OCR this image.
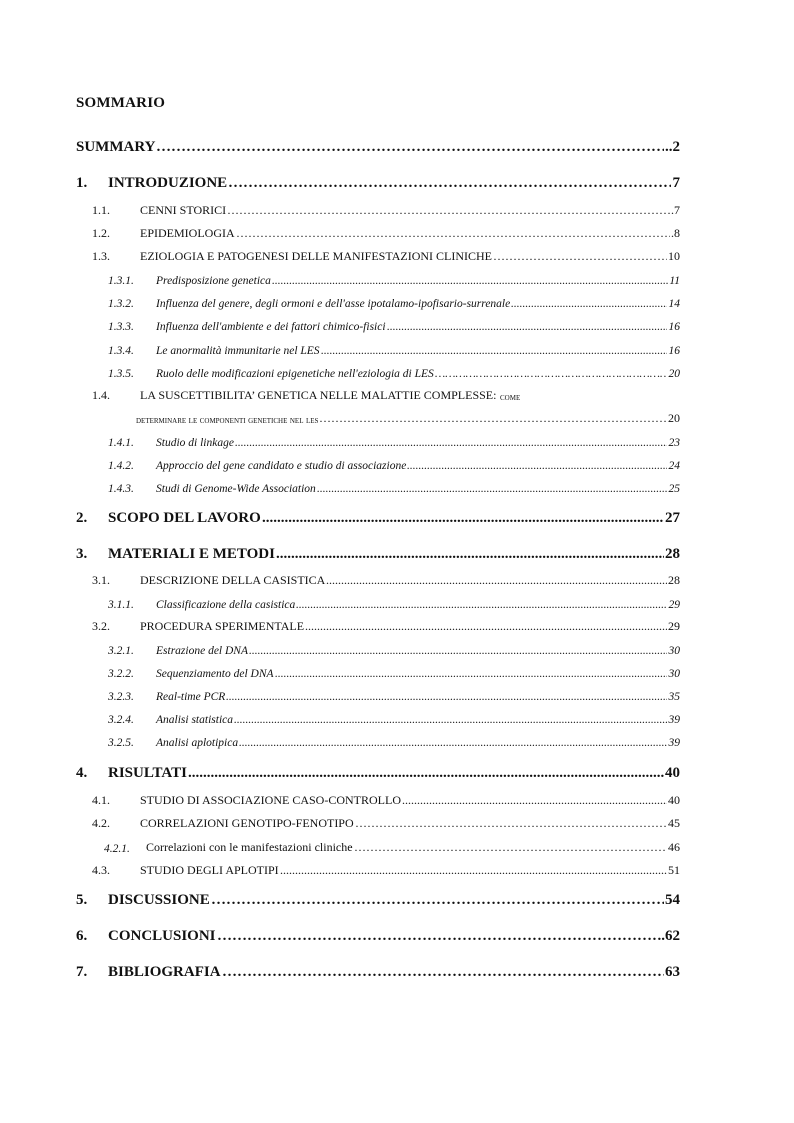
SOMMARIO
SUMMARY	..2
…………………………………………………………………………………………………………………………………………………………………………………………………………
1. INTRODUZIONE	7
…………………………………………………………………………………………………………………………………………………………………………………………………………
1.1.	CENNI STORICI	.7
…………………………………………………………………………………………………………………………………………………………………………………………………………
1.2.	EPIDEMIOLOGIA	.8
…………………………………………………………………………………………………………………………………………………………………………………………………………
1.3.	EZIOLOGIA E PATOGENESI DELLE MANIFESTAZIONI CLINICHE	10
…………………………………………………………………………………………………………………………………………………………………………………………………………
1.3.1. Predisposizione genetica	11
.....
1.3.2. Influenza del genere, degli ormoni e dell'asse ipotalamo-ipofisario-surrenale	14
.....
1.3.3. Influenza dell'ambiente e dei fattori chimico-fisici	16
.....
1.3.4. Le anormalità immunitarie nel LES	16
.....
1.3.5. Ruolo delle modificazioni epigenetiche nell'eziologia di LES	20
…………………………………………………………………………………………………………………………………………………………………………………………………………
1.4.	LA SUSCETTIBILITA’ GENETICA NELLE MALATTIE COMPLESSE: come
determinare le componenti genetiche nel les	20
…………………………………………………………………………………………………………………………………………………………………………………………………………
1.4.1. Studio di linkage	23
.....
1.4.2. Approccio del gene candidato e studio di associazione	24
.....
1.4.3. Studi di Genome-Wide Association	25
.....
2. SCOPO DEL LAVORO	27
.....
3. MATERIALI E METODI	28
.....
3.1.	DESCRIZIONE DELLA CASISTICA	28
.....
3.1.1. Classificazione della casistica	29
.....
3.2.	PROCEDURA SPERIMENTALE	29
.....
3.2.1. Estrazione del DNA	30
.....
3.2.2. Sequenziamento del DNA	30
.....
3.2.3. Real-time PCR	35
.....
3.2.4. Analisi statistica	39
.....
3.2.5. Analisi aplotipica	39
.....
4. RISULTATI	40
.....
4.1.	STUDIO DI ASSOCIAZIONE CASO-CONTROLLO	40
.....
4.2.	CORRELAZIONI GENOTIPO-FENOTIPO	45
…………………………………………………………………………………………………………………………………………………………………………………………………………
4.2.1. Correlazioni con le manifestazioni cliniche	46
…………………………………………………………………………………………………………………………………………………………………………………………………………
4.3.	STUDIO DEGLI APLOTIPI	51
.....
5. DISCUSSIONE	54
…………………………………………………………………………………………………………………………………………………………………………………………………………
6. CONCLUSIONI	..62
…………………………………………………………………………………………………………………………………………………………………………………………………………
7. BIBLIOGRAFIA	63
…………………………………………………………………………………………………………………………………………………………………………………………………………
